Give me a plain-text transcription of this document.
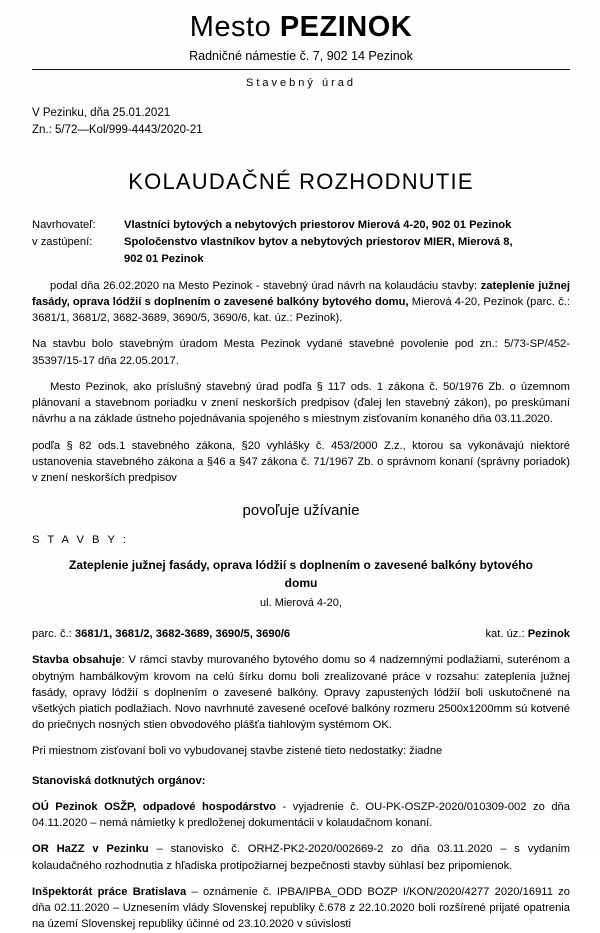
Mesto PEZINOK
Radničné námestie č. 7, 902 14 Pezinok
Stavebný úrad
V Pezinku, dňa 25.01.2021
Zn.: 5/72—Kol/999-4443/2020-21
KOLAUDAČNÉ ROZHODNUTIE
Navrhovateľ:	Vlastníci bytových a nebytových priestorov Mierová 4-20, 902 01 Pezinok
v zastúpení:	Spoločenstvo vlastníkov bytov a nebytových priestorov MIER, Mierová 8,
902 01 Pezinok

podal dňa 26.02.2020 na Mesto Pezinok - stavebný úrad návrh na kolaudáciu stavby: zateplenie južnej fasády, oprava lódžií s doplnením o zavesené balkóny bytového domu, Mierová 4-20, Pezinok (parc. č.: 3681/1, 3681/2, 3682-3689, 3690/5, 3690/6, kat. úz.: Pezinok).

Na stavbu bolo stavebným úradom Mesta Pezinok vydané stavebné povolenie pod zn.: 5/73-SP/452-35397/15-17 dňa 22.05.2017.

Mesto Pezinok, ako príslušný stavebný úrad podľa § 117 ods. 1 zákona č. 50/1976 Zb. o územnom plánovaní a stavebnom poriadku v znení neskorších predpisov (ďalej len stavebný zákon), po preskúmaní návrhu a na základe ústneho pojednávania spojeného s miestnym zisťovaním konaného dňa 03.11.2020.

podľa § 82 ods.1 stavebného zákona, §20 vyhlášky č. 453/2000 Z.z., ktorou sa vykonávajú niektoré ustanovenia stavebného zákona a §46 a §47 zákona č. 71/1967 Zb. o správnom konaní (správny poriadok) v znení neskorších predpisov

povoľuje užívanie
S T A V B Y :
Zateplenie južnej fasády, oprava lódžií s doplnením o zavesené balkóny bytového
domu
ul. Mierová 4-20,
parc. č.: 3681/1, 3681/2, 3682-3689, 3690/5, 3690/6	kat. úz.: Pezinok

Stavba obsahuje: V rámci stavby murovaného bytového domu so 4 nadzemnými podlažiami, suterénom a obytným hambálkovým krovom na celú šírku domu boli zrealizované práce v rozsahu: zateplenia južnej fasády, opravy lódžií s doplnením o zavesené balkóny. Opravy zapustených lódžií boli uskutočnené na všetkých piatich podlažiach. Novo navrhnuté zavesené oceľové balkóny rozmeru 2500x1200mm sú kotvené do priečnych nosných stien obvodového plášťa tiahlovým systémom OK.

Pri miestnom zisťovaní boli vo vybudovanej stavbe zistené tieto nedostatky: žiadne

Stanoviská dotknutých orgánov:

OÚ Pezinok OSŽP, odpadové hospodárstvo - vyjadrenie č. OU-PK-OSZP-2020/010309-002 zo dňa 04.11.2020 – nemá námietky k predloženej dokumentácii v kolaudačnom konaní.

OR HaZZ v Pezinku – stanovisko č. ORHZ-PK2-2020/002669-2 zo dňa 03.11.2020 – s vydaním kolaudačného rozhodnutia z hľadiska protipožiarnej bezpečnosti stavby súhlasí bez pripomienok.

Inšpektorát práce Bratislava – oznámenie č. IPBA/IPBA_ODD BOZP I/KON/2020/4277 2020/16911 zo dňa 02.11.2020 – Uznesením vlády Slovenskej republiky č.678 z 22.10.2020 boli rozšírené prijaté opatrenia na území Slovenskej republiky účinné od 23.10.2020 v súvislosti
